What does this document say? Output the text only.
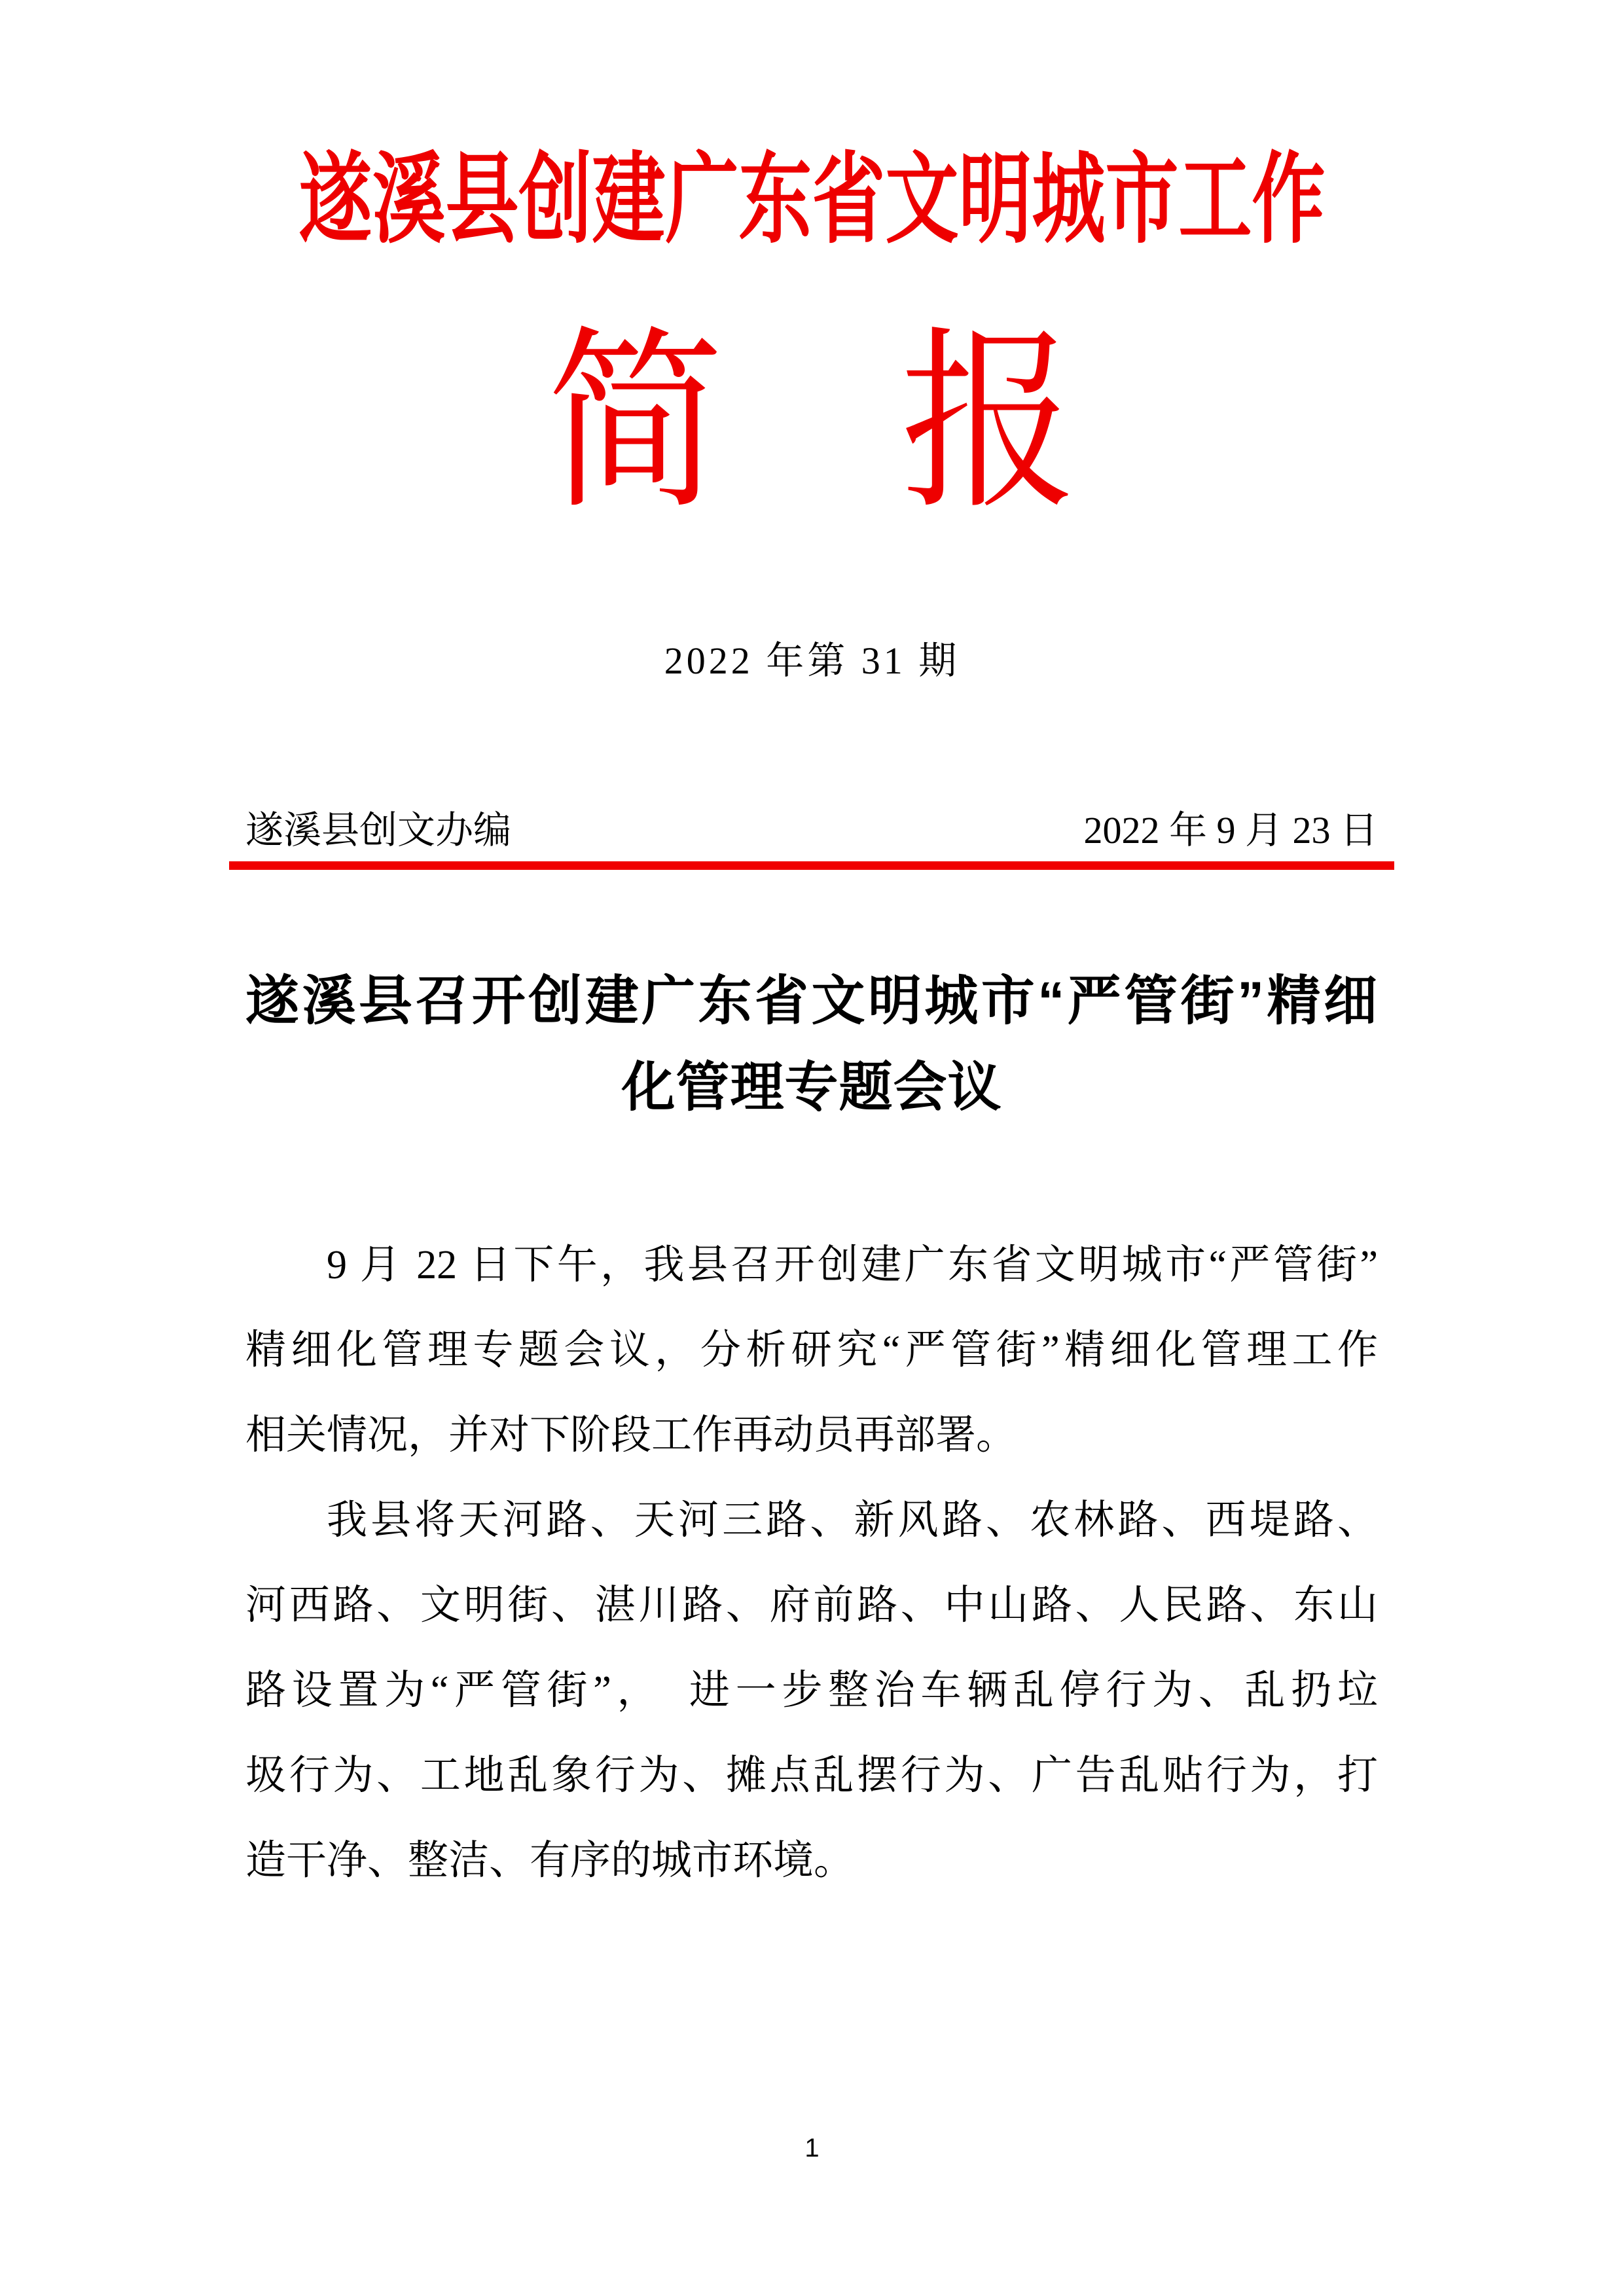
遂溪县创建广东省文明城市工作
简　报
2022 年第 31 期
遂溪县创文办编	2022 年 9 月 23 日
遂溪县召开创建广东省文明城市“严管街”精细
化管理专题会议
9 月 22 日下午，我县召开创建广东省文明城市“严管街”
精细化管理专题会议，分析研究“严管街”精细化管理工作
相关情况，并对下阶段工作再动员再部署。
我县将天河路、天河三路、新风路、农林路、西堤路、
河西路、文明街、湛川路、府前路、中山路、人民路、东山
路设置为“严管街”，　进一步整治车辆乱停行为、乱扔垃
圾行为、工地乱象行为、摊点乱摆行为、广告乱贴行为，打
造干净、整洁、有序的城市环境。
1
